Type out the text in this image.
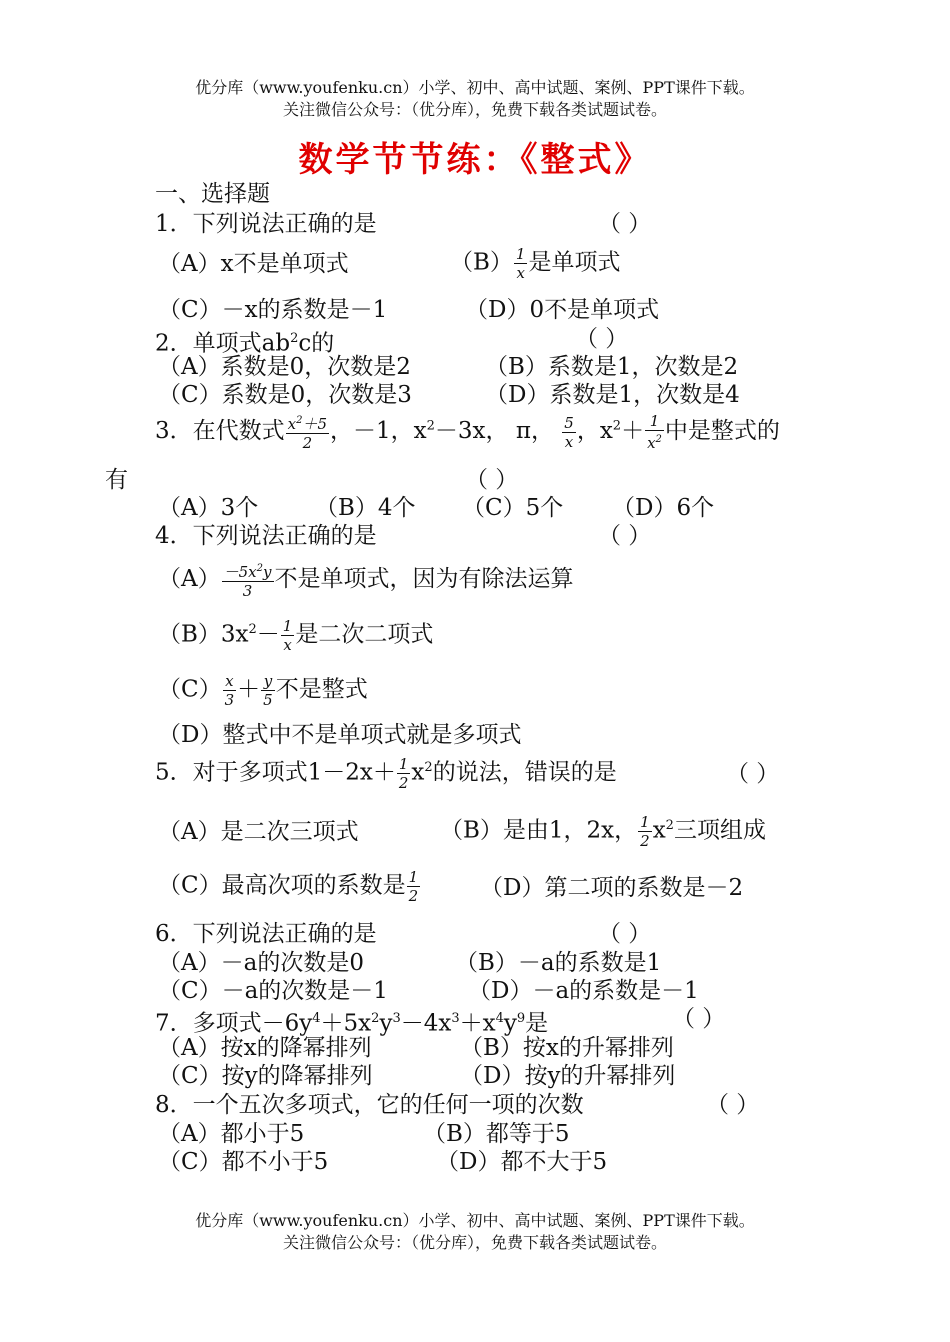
优分库（www.youfenku.cn）小学、初中、高中试题、案例、PPT课件下载。
关注微信公众号：（优分库），免费下载各类试题试卷。
数学节节练：《整式》
一、选择题
1．下列说法正确的是	（ ）
（A）x不是单项式	$(B) \frac{1}{x}$ 是单项式
（C）－x的系数是－1	（D）0不是单项式
2．单项式$ab^2c$的	（ ）
（A）系数是0，次数是2	（B）系数是1，次数是2
（C）系数是0，次数是3	（D）系数是1，次数是4
3．在代数式 $\frac{x^2+5}{2}$ ，－1，$x^2-3x$， π， $\frac{5}{x}$ ，$x^2+ \frac{1}{x^2}$ 中是整式的
有	（ ）
（A）3个 （B）4个 （C）5个 （D）6个
4．下列说法正确的是	（ ）
$(A) \frac{-5x^2y}{3}$ 不是单项式，因为有除法运算
$(B)3x^2- \frac{1}{x}$ 是二次二项式
$(C) \frac{x}{3} + \frac{y}{5}$ 不是整式
（D）整式中不是单项式就是多项式
5．对于多项式$1-2x+ \frac{1}{2} x^2$的说法，错误的是	（ ）
（A）是二次三项式	（B）是由1，2x， $\frac{1}{2} x^2$三项组成
（C）最高次项的系数是 $\frac{1}{2}$	（D）第二项的系数是－2
6．下列说法正确的是	（ ）
（A）－a的次数是0	（B）－a的系数是1
（C）－a的次数是－1	（D）－a的系数是－1
7．多项式$-6y^4+5x^2y^3-4x^3+x^4y^9$是	（ ）
（A）按x的降幂排列	（B）按x的升幂排列
（C）按y的降幂排列	（D）按y的升幂排列
8．一个五次多项式，它的任何一项的次数	（ ）
（A）都小于5	（B）都等于5
（C）都不小于5	（D）都不大于5
优分库（www.youfenku.cn）小学、初中、高中试题、案例、PPT课件下载。
关注微信公众号：（优分库），免费下载各类试题试卷。
